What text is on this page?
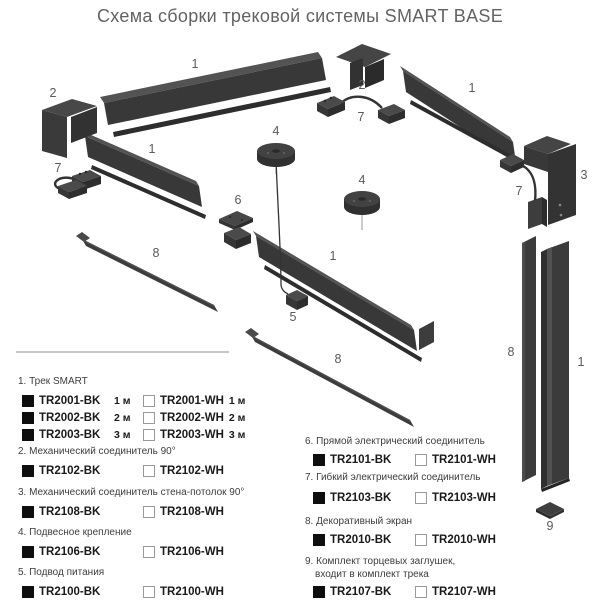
Схема сборки трековой системы SMART BASE
2
1
2	1
7
1
7
3
7
4
4
6
1
8
5
8	8
1
9
1. Трек SMART
TR2001-BK	1 м	TR2001-WH 1 м
TR2002-BK	2 м	TR2002-WH 2 м
TR2003-BK	3 м	TR2003-WH 3 м
2. Механический соединитель 90°
TR2102-BK	TR2102-WH
3. Механический соединитель стена-потолок 90°
TR2108-BK	TR2108-WH
4. Подвесное крепление
TR2106-BK	TR2106-WH
5. Подвод питания
TR2100-BK	TR2100-WH
6. Прямой электрический соединитель
TR2101-BK	TR2101-WH
7. Гибкий электрический соединитель
TR2103-BK	TR2103-WH
8. Декоративный экран
TR2010-BK	TR2010-WH
9. Комплект торцевых заглушек,
входит в комплект трека
TR2107-BK	TR2107-WH
